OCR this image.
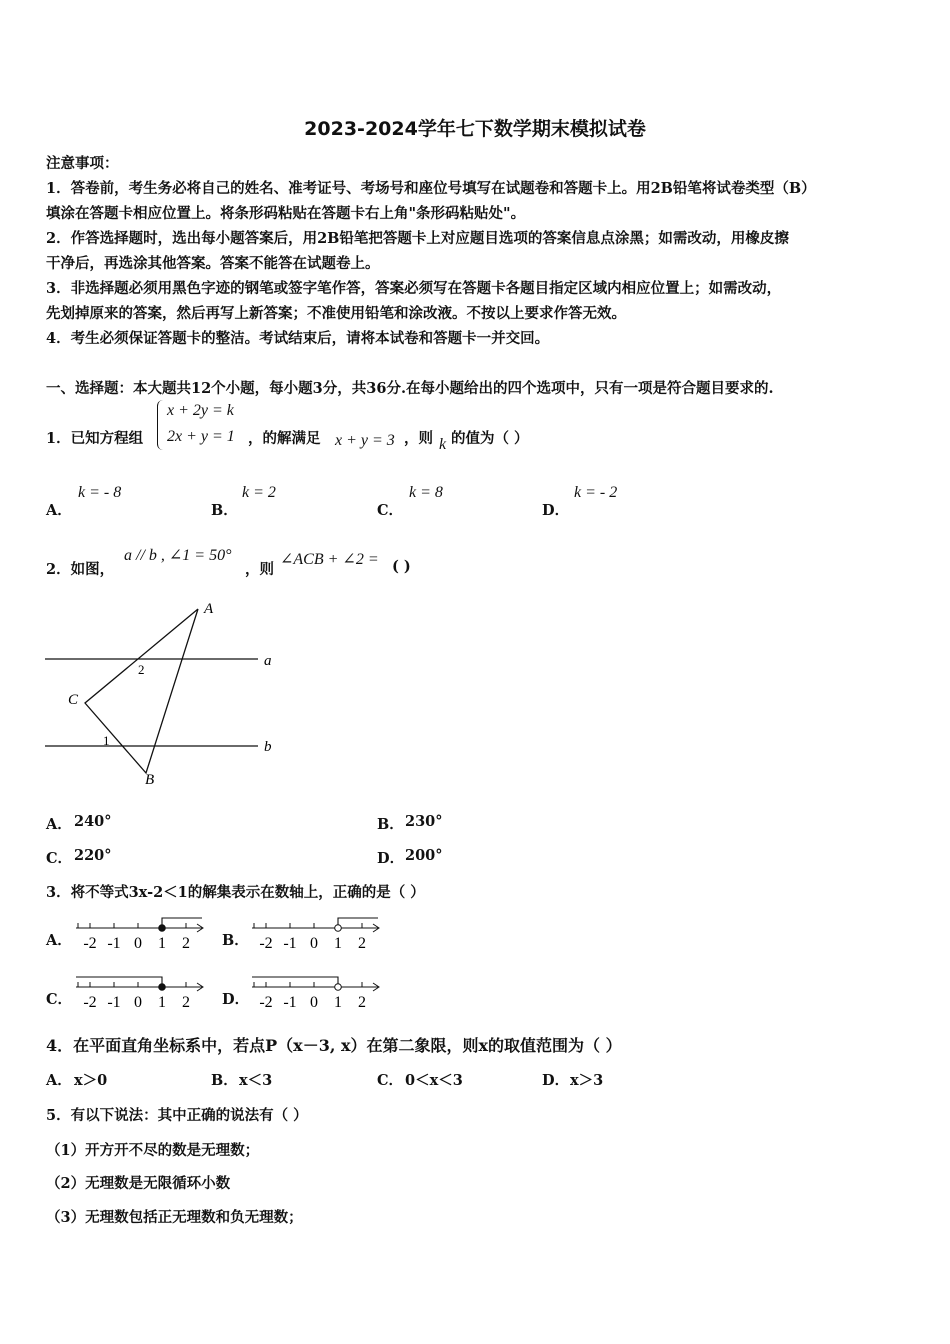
2023-2024学年七下数学期末模拟试卷
注意事项：
1．答卷前，考生务必将自己的姓名、准考证号、考场号和座位号填写在试题卷和答题卡上。用2B铅笔将试卷类型（B）
填涂在答题卡相应位置上。将条形码粘贴在答题卡右上角"条形码粘贴处"。
2．作答选择题时，选出每小题答案后，用2B铅笔把答题卡上对应题目选项的答案信息点涂黑；如需改动，用橡皮擦
干净后，再选涂其他答案。答案不能答在试题卷上。
3．非选择题必须用黑色字迹的钢笔或签字笔作答，答案必须写在答题卡各题目指定区域内相应位置上；如需改动，
先划掉原来的答案，然后再写上新答案；不准使用铅笔和涂改液。不按以上要求作答无效。
4．考生必须保证答题卡的整洁。考试结束后，请将本试卷和答题卡一并交回。
一、选择题：本大题共12个小题，每小题3分，共36分.在每小题给出的四个选项中，只有一项是符合题目要求的.
1．已知方程组
x + 2y = k
2x + y = 1 ，的解满足 x + y = 3 ，则 k 的值为（ ）
A．
k = - 8
B．
k = 2
C．
k = 8
D．
k = - 2
2．如图，
a // b , ∠1 = 50°
，则
∠ACB + ∠2 = ( )
A
C
B
a
b
2
1
A． 240°	B． 230°
C． 220°	D． 200°
3．将不等式3x-2＜1的解集表示在数轴上，正确的是（ ）
A． -2 -1 0 1 2 B． -2 -1 0 1 2
C． -2 -1 0 1 2 D． -2 -1 0 1 2
4．在平面直角坐标系中，若点P（x－3, x）在第二象限，则x的取值范围为（ ）
A． x＞0	B． x＜3	C． 0＜x＜3	D． x＞3
5．有以下说法：其中正确的说法有（ ）
（1）开方开不尽的数是无理数；
（2）无理数是无限循环小数
（3）无理数包括正无理数和负无理数；
